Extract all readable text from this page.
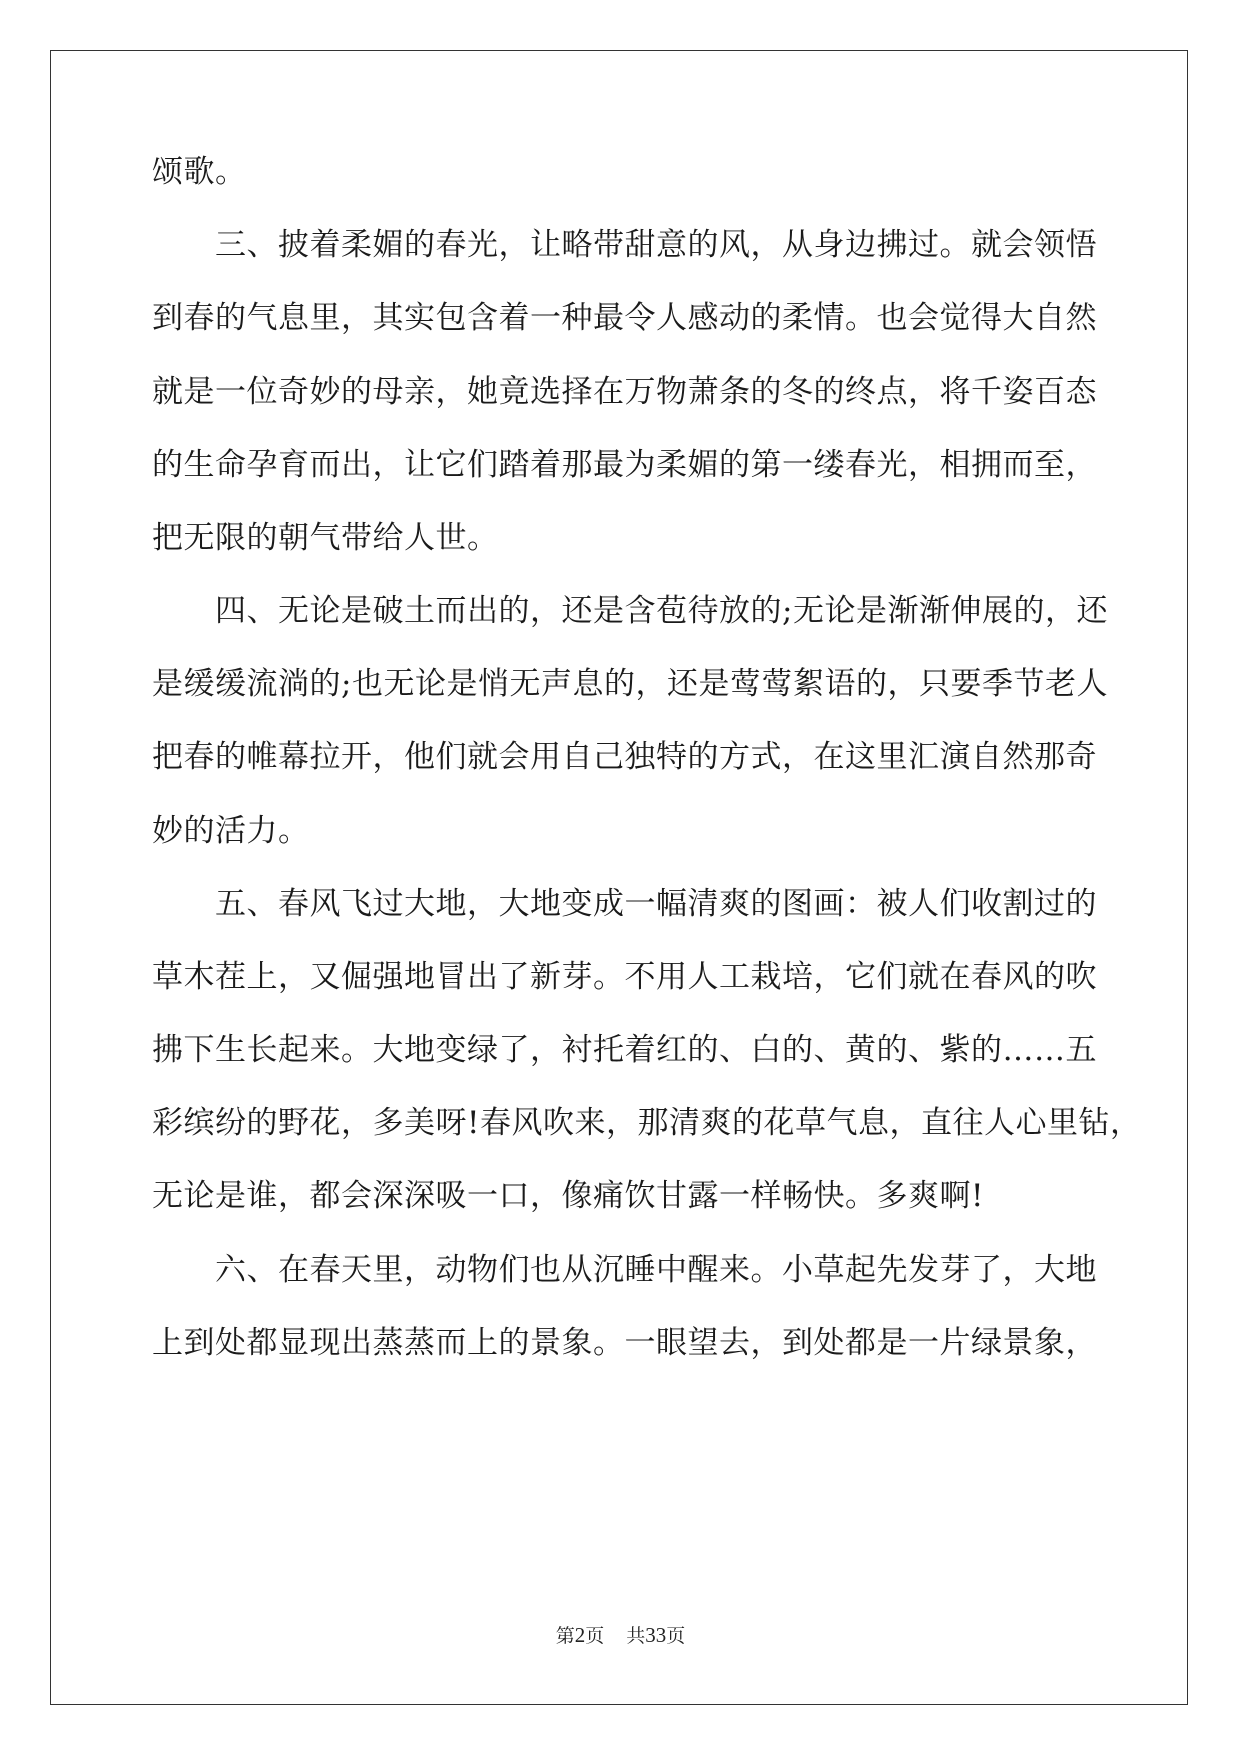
颂歌。
三、披着柔媚的春光，让略带甜意的风，从身边拂过。就会领悟
到春的气息里，其实包含着一种最令人感动的柔情。也会觉得大自然
就是一位奇妙的母亲，她竟选择在万物萧条的冬的终点，将千姿百态
的生命孕育而出，让它们踏着那最为柔媚的第一缕春光，相拥而至，
把无限的朝气带给人世。
四、无论是破土而出的，还是含苞待放的;无论是渐渐伸展的，还
是缓缓流淌的;也无论是悄无声息的，还是莺莺絮语的，只要季节老人
把春的帷幕拉开，他们就会用自己独特的方式，在这里汇演自然那奇
妙的活力。
五、春风飞过大地，大地变成一幅清爽的图画：被人们收割过的
草木茬上，又倔强地冒出了新芽。不用人工栽培，它们就在春风的吹
拂下生长起来。大地变绿了，衬托着红的、白的、黄的、紫的……五
彩缤纷的野花，多美呀!春风吹来，那清爽的花草气息，直往人心里钻，
无论是谁，都会深深吸一口，像痛饮甘露一样畅快。多爽啊!
六、在春天里，动物们也从沉睡中醒来。小草起先发芽了，大地
上到处都显现出蒸蒸而上的景象。一眼望去，到处都是一片绿景象，
第2页 共33页
